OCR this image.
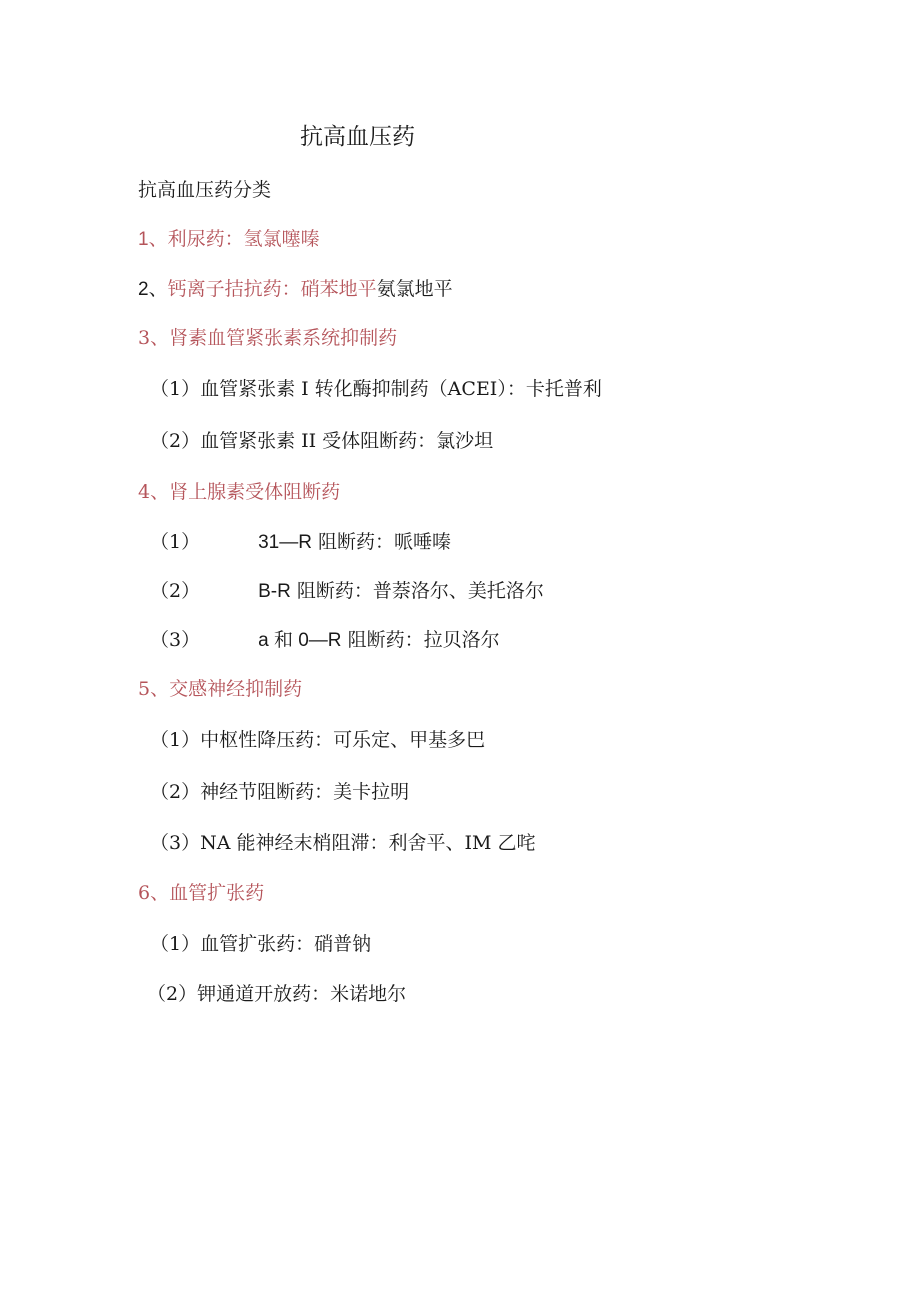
抗高血压药
抗高血压药分类
1、利尿药：氢氯噻嗪
2、钙离子拮抗药：硝苯地平氨氯地平
3、肾素血管紧张素系统抑制药
（1）血管紧张素 I 转化酶抑制药（ACEI）：卡托普利
（2）血管紧张素 II 受体阻断药：氯沙坦
4、肾上腺素受体阻断药
（1）	31—R 阻断药：哌唾嗪
（2）	B-R 阻断药：普萘洛尔、美托洛尔
（3）	a 和 0—R 阻断药：拉贝洛尔
5、交感神经抑制药
（1）中枢性降压药：可乐定、甲基多巴
（2）神经节阻断药：美卡拉明
（3）NA 能神经末梢阻滞：利舍平、IM 乙咤
6、血管扩张药
（1）血管扩张药：硝普钠
（2）钾通道开放药：米诺地尔
